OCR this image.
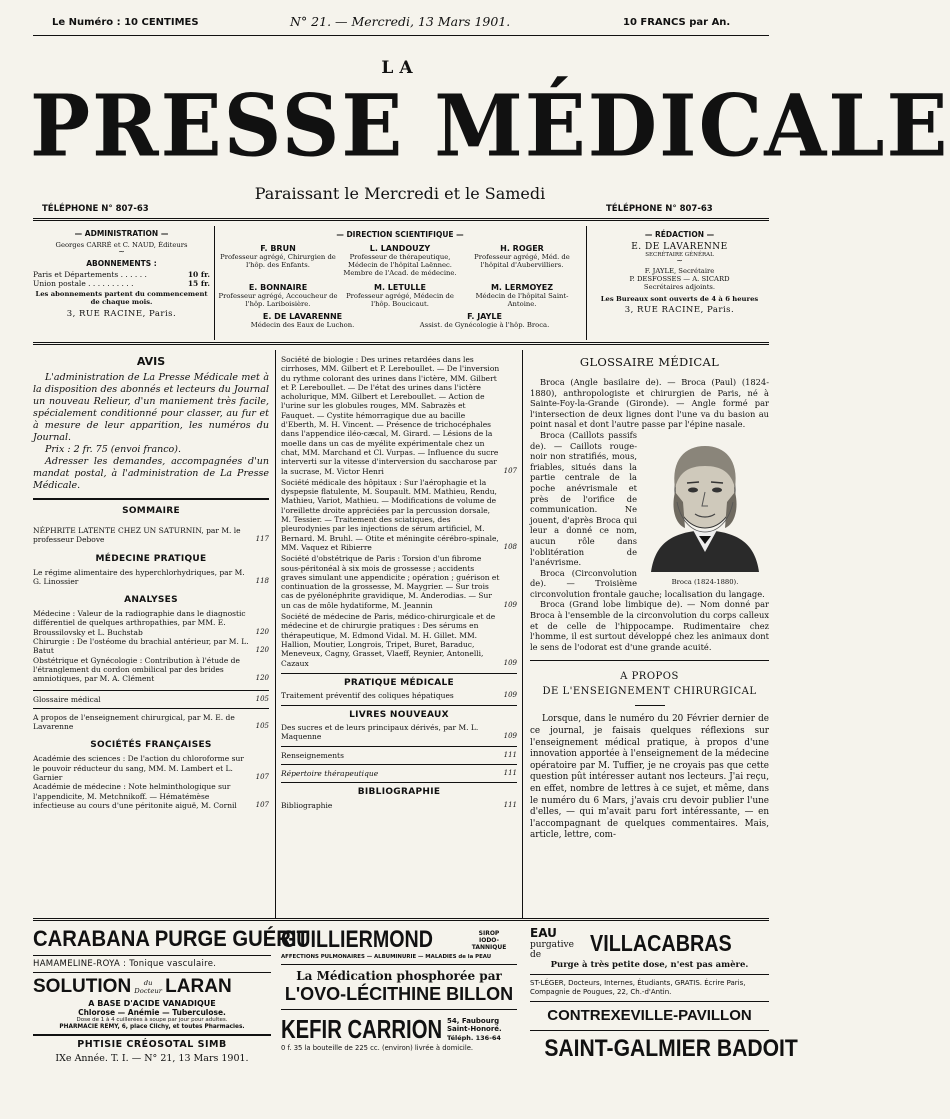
Le Numéro : 10 CENTIMES	N° 21. — Mercredi, 13 Mars 1901.	10 FRANCS par An.
LA
PRESSE MÉDICALE
Paraissant le Mercredi et le Samedi
TÉLÉPHONE N° 807-63	TÉLÉPHONE N° 807-63
— ADMINISTRATION —
Georges CARRÉ et C. NAUD, Éditeurs
~
ABONNEMENTS :
Paris et Départements . . . . . .	10 fr.
Union postale . . . . . . . . . .	15 fr.
Les abonnements partent du commencement de chaque mois.
3, RUE RACINE, Paris.
— DIRECTION SCIENTIFIQUE —
F. BRUN
Professeur agrégé, Chirurgien de l'hôp. des Enfants.
L. LANDOUZY
Professeur de thérapeutique, Médecin de l'hôpital Laënnec. Membre de l'Acad. de médecine.
H. ROGER
Professeur agrégé, Méd. de l'hôpital d'Aubervilliers.
E. BONNAIRE
Professeur agrégé, Accoucheur de l'hôp. Lariboisière.
M. LETULLE
Professeur agrégé, Médecin de l'hôp. Boucicaut.
M. LERMOYEZ
Médecin de l'hôpital Saint-Antoine.
E. DE LAVARENNE
Médecin des Eaux de Luchon.
F. JAYLE
Assist. de Gynécologie à l'hôp. Broca.
— RÉDACTION —
E. DE LAVARENNE
SECRÉTAIRE GÉNÉRAL
~
F. JAYLE, Secrétaire
P. DESFOSSES — A. SICARD
Secrétaires adjoints.
Les Bureaux sont ouverts de 4 à 6 heures
3, RUE RACINE, Paris.
AVIS
L'administration de La Presse Médicale met à la disposition des abonnés et lecteurs du Journal un nouveau Relieur, d'un maniement très facile, spécialement conditionné pour classer, au fur et à mesure de leur apparition, les numéros du Journal.
Prix : 2 fr. 75 (envoi franco).
Adresser les demandes, accompagnées d'un mandat postal, à l'administration de La Presse Médicale.
SOMMAIRE
NÉPHRITE LATENTE CHEZ UN SATURNIN, par M. le professeur Debove	117
MÉDECINE PRATIQUE
Le régime alimentaire des hyperchlorhydriques, par M. G. Linossier	118
ANALYSES
Médecine : Valeur de la radiographie dans le diagnostic différentiel de quelques arthropathies, par MM. E. Broussilovsky et L. Buchstab	120
Chirurgie : De l'ostéome du brachial antérieur, par M. L. Batut	120
Obstétrique et Gynécologie : Contribution à l'étude de l'étranglement du cordon ombilical par des brides amniotiques, par M. A. Clément	120
Glossaire médical	105
A propos de l'enseignement chirurgical, par M. E. de Lavarenne	105
SOCIÉTÉS FRANÇAISES
Académie des sciences : De l'action du chloroforme sur le pouvoir réducteur du sang, MM. M. Lambert et L. Garnier	107
Académie de médecine : Note helminthologique sur l'appendicite, M. Metchnikoff. — Hématémèse infectieuse au cours d'une péritonite aiguë, M. Cornil	107
Société de biologie : Des urines retardées dans les cirrhoses, MM. Gilbert et P. Lereboullet. — De l'inversion du rythme colorant des urines dans l'ictère, MM. Gilbert et P. Lereboullet. — De l'état des urines dans l'ictère acholurique, MM. Gilbert et Lereboullet. — Action de l'urine sur les globules rouges, MM. Sabrazès et Fauquet. — Cystite hémorragique due au bacille d'Eberth, M. H. Vincent. — Présence de trichocéphales dans l'appendice iléo-cæcal, M. Girard. — Lésions de la moelle dans un cas de myélite expérimentale chez un chat, MM. Marchand et Cl. Vurpas. — Influence du sucre interverti sur la vitesse d'interversion du saccharose par la sucrase, M. Victor Henri	107
Société médicale des hôpitaux : Sur l'aérophagie et la dyspepsie flatulente, M. Soupault. MM. Mathieu, Rendu, Mathieu, Variot, Mathieu. — Modifications de volume de l'oreillette droite appréciées par la percussion dorsale, M. Tessier. — Traitement des sciatiques, des pleurodynies par les injections de sérum artificiel, M. Bernard. M. Bruhl. — Otite et méningite cérébro-spinale, MM. Vaquez et Ribierre	108
Société d'obstétrique de Paris : Torsion d'un fibrome sous-péritonéal à six mois de grossesse ; accidents graves simulant une appendicite ; opération ; guérison et continuation de la grossesse, M. Maygrier. — Sur trois cas de pyélonéphrite gravidique, M. Anderodias. — Sur un cas de môle hydatiforme, M. Jeannin	109
Société de médecine de Paris, médico-chirurgicale et de médecine et de chirurgie pratiques : Des sérums en thérapeutique, M. Edmond Vidal. M. H. Gillet. MM. Hallion, Moutier, Longrois, Tripet, Buret, Baraduc, Meneveux, Cagny, Grasset, Vlaeff, Reynier, Antonelli, Cazaux	109
PRATIQUE MÉDICALE
Traitement préventif des coliques hépatiques	109
LIVRES NOUVEAUX
Des sucres et de leurs principaux dérivés, par M. L. Maquenne	109
Renseignements	111
Répertoire thérapeutique	111
BIBLIOGRAPHIE
Bibliographie	111
GLOSSAIRE MÉDICAL
Broca (Angle basilaire de). — Broca (Paul) (1824-1880), anthropologiste et chirurgien de Paris, né à Sainte-Foy-la-Grande (Gironde). — Angle formé par l'intersection de deux lignes dont l'une va du basion au point nasal et dont l'autre passe par l'épine nasale.
Broca (1824-1880).
Broca (Caillots passifs de). — Caillots rouge-noir non stratifiés, mous, friables, situés dans la partie centrale de la poche anévrismale et près de l'orifice de communication. Ne jouent, d'après Broca qui leur a donné ce nom, aucun rôle dans l'oblitération de l'anévrisme.
Broca (Circonvolution de). — Troisième circonvolution frontale gauche; localisation du langage.
Broca (Grand lobe limbique de). — Nom donné par Broca à l'ensemble de la circonvolution du corps calleux et de celle de l'hippocampe. Rudimentaire chez l'homme, il est surtout développé chez les animaux dont le sens de l'odorat est d'une grande acuité.
A PROPOS
DE L'ENSEIGNEMENT CHIRURGICAL
Lorsque, dans le numéro du 20 Février dernier de ce journal, je faisais quelques réflexions sur l'enseignement médical pratique, à propos d'une innovation apportée à l'enseignement de la médecine opératoire par M. Tuffier, je ne croyais pas que cette question pût intéresser autant nos lecteurs. J'ai reçu, en effet, nombre de lettres à ce sujet, et même, dans le numéro du 6 Mars, j'avais cru devoir publier l'une d'elles, — qui m'avait paru fort intéressante, — en l'accompagnant de quelques commentaires. Mais, article, lettre, com-
CARABANA PURGE GUÉRIT
HAMAMELINE-ROYA : Tonique vasculaire.
SOLUTION	du Docteur LARAN
A BASE D'ACIDE VANADIQUE
Chlorose — Anémie — Tuberculose.
Dose de 1 à 4 cuillerées à soupe par jour pour adultes.
PHARMACIE REMY, 6, place Clichy, et toutes Pharmacies.
PHTISIE CRÉOSOTAL SIMB
IXe Année. T. I. — N° 21, 13 Mars 1901.
GUILLIERMOND	SIROP IODO-TANNIQUE
AFFECTIONS PULMONAIRES — ALBUMINURIE — MALADIES de la PEAU
La Médication phosphorée par
L'OVO-LÉCITHINE BILLON
KEFIR CARRION 54, Faubourg Saint-Honoré.
Téléph. 136-64
0 f. 35 la bouteille de 225 cc. (environ) livrée à domicile.
EAU
purgative de	VILLACABRAS
Purge à très petite dose, n'est pas amère.
ST-LÉGER, Docteurs, Internes, Étudiants, GRATIS. Écrire Paris, Compagnie de Pougues, 22, Ch.-d'Antin.
CONTREXEVILLE-PAVILLON
SAINT-GALMIER BADOIT
